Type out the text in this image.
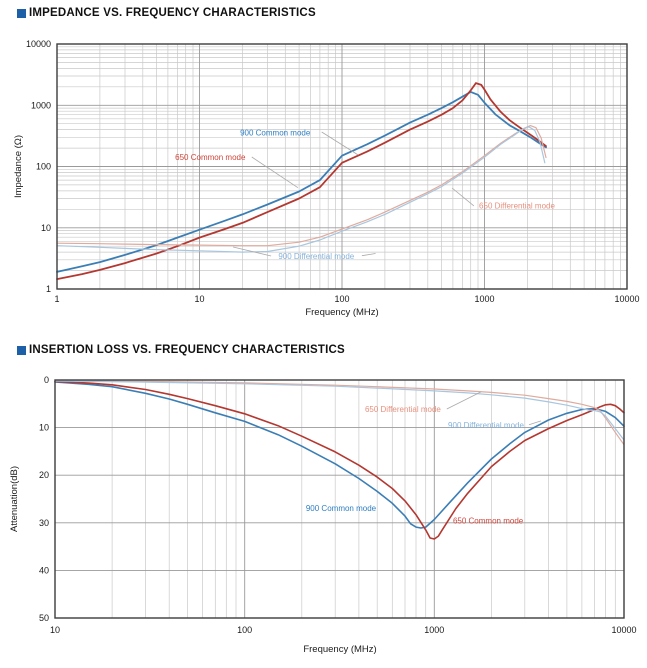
IMPEDANCE VS. FREQUENCY CHARACTERISTICS
1	10	100	1000	10000
1
10
100
1000
10000
Frequency (MHz)
Impedance (Ω)
900 Common mode
650 Common mode
650 Differential mode
900 Differential mode
INSERTION LOSS VS. FREQUENCY CHARACTERISTICS
10	100	1000	10000
0
10
20
30
40
50
Frequency (MHz)
Attenuation(dB)
650 Differential mode
900 Differential mode
900 Common mode
650 Common mode
